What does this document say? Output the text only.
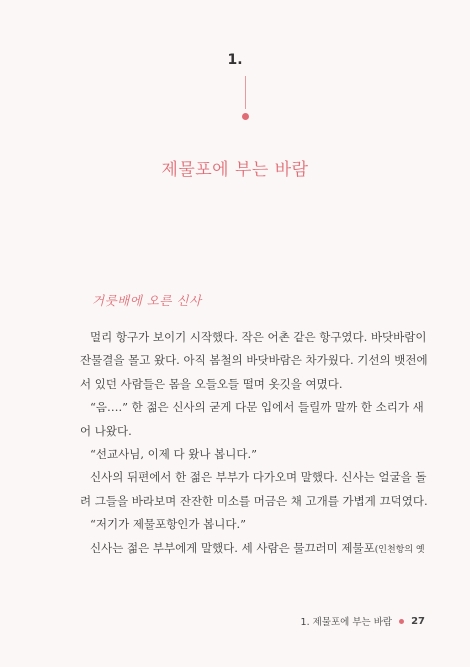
1.
제물포에 부는 바람
거룻배에 오른 신사

멀리 항구가 보이기 시작했다. 작은 어촌 같은 항구였다. 바닷바람이

잔물결을 몰고 왔다. 아직 봄철의 바닷바람은 차가웠다. 기선의 뱃전에

서 있던 사람들은 몸을 오들오들 떨며 옷깃을 여몄다.

“음….” 한 젊은 신사의 굳게 다문 입에서 들릴까 말까 한 소리가 새

어 나왔다.

“선교사님, 이제 다 왔나 봅니다.”

신사의 뒤편에서 한 젊은 부부가 다가오며 말했다. 신사는 얼굴을 돌

려 그들을 바라보며 잔잔한 미소를 머금은 채 고개를 가볍게 끄덕였다.

“저기가 제물포항인가 봅니다.”

신사는 젊은 부부에게 말했다. 세 사람은 물끄러미 제물포(인천항의 옛

1. 제물포에 부는 바람 27
